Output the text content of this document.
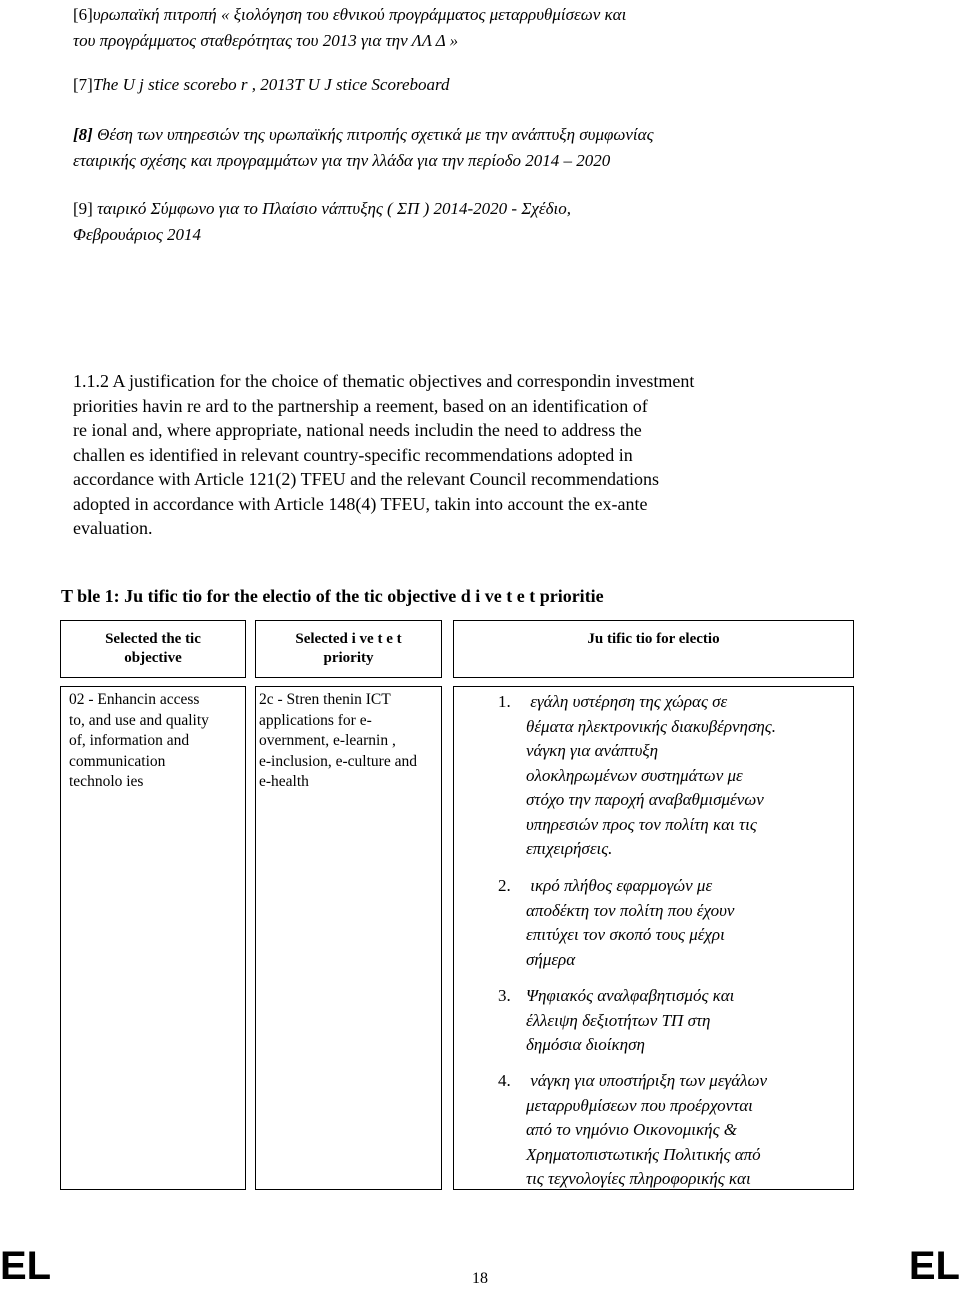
[6]υρωπαϊκή πιτροπή « ξιολόγηση του εθνικού προγράμματος μεταρρυθμίσεων και
του προγράμματος σταθερότητας του 2013 για την ΛΛ Δ »
[7]The U j stice scorebo r , 2013T U J stice Scoreboard
[8] Θέση των υπηρεσιών της υρωπαϊκής πιτροπής σχετικά με την ανάπτυξη συμφωνίας
εταιρικής σχέσης και προγραμμάτων για την λλάδα για την περίοδο 2014 – 2020
[9] ταιρικό Σύμφωνο για το Πλαίσιο νάπτυξης ( ΣΠ ) 2014-2020 - Σχέδιο,
Φεβρουάριος 2014
1.1.2 A justification for the choice of thematic objectives and correspondin investment
priorities havin re ard to the partnership a reement, based on an identification of
re ional and, where appropriate, national needs includin the need to address the
challen es identified in relevant country-specific recommendations adopted in
accordance with Article 121(2) TFEU and the relevant Council recommendations
adopted in accordance with Article 148(4) TFEU, takin into account the ex-ante
evaluation.
T ble 1: Ju tific tio for the electio of the tic objective d i ve t e t prioritie
Selected the tic
objective
Selected i ve t e t
priority
Ju tific tio for electio
02 - Enhancin access
to, and use and quality
of, information and
communication
technolo ies
2c - Stren thenin ICT
applications for e-
overnment, e-learnin ,
e-inclusion, e-culture and
e-health
1. εγάλη υστέρηση της χώρας σε
θέματα ηλεκτρονικής διακυβέρνησης.
νάγκη για ανάπτυξη
ολοκληρωμένων συστημάτων με
στόχο την παροχή αναβαθμισμένων
υπηρεσιών προς τον πολίτη και τις
επιχειρήσεις.
2. ικρό πλήθος εφαρμογών με
αποδέκτη τον πολίτη που έχουν
επιτύχει τον σκοπό τους μέχρι
σήμερα
3. Ψηφιακός αναλφαβητισμός και
έλλειψη δεξιοτήτων ΤΠ στη
δημόσια διοίκηση
4. νάγκη για υποστήριξη των μεγάλων
μεταρρυθμίσεων που προέρχονται
από το νημόνιο Οικονομικής &
Χρηματοπιστωτικής Πολιτικής από
τις τεχνολογίες πληροφορικής και
EL	18	EL
